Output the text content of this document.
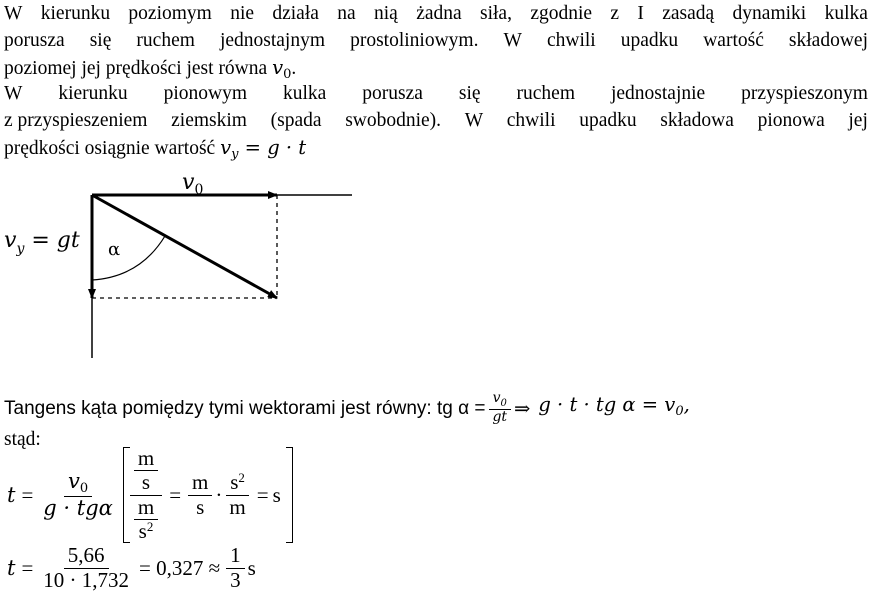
W kierunku poziomym nie działa na nią żadna siła, zgodnie z I zasadą dynamiki kulka
porusza się ruchem jednostajnym prostoliniowym. W chwili upadku wartość składowej
poziomej jej prędkości jest równa $v_0$.
W kierunku pionowym kulka porusza się ruchem jednostajnie przyspieszonym
z przyspieszeniem ziemskim (spada swobodnie). W chwili upadku składowa pionowa jej
prędkości osiągnie wartość $v_y = g \cdot t$
$v_0$
$v_y$ = gt α
Tangens kąta pomiędzy tymi wektorami jest równy: tg $\alpha = \frac{v_0}{gt}$ ⇒ g · t · tg $\alpha = v_0$,
stąd:
$t = \frac{v_0}{\text{g · tgα}} \frac{\frac{m}{s}}{\frac{m}{s^2}} = \frac{m}{s} \cdot \frac{s^2}{m} = s$
$t = \frac{5,66}{10 \cdot 1,732} = 0,327 \approx \frac{1}{3}$ s
